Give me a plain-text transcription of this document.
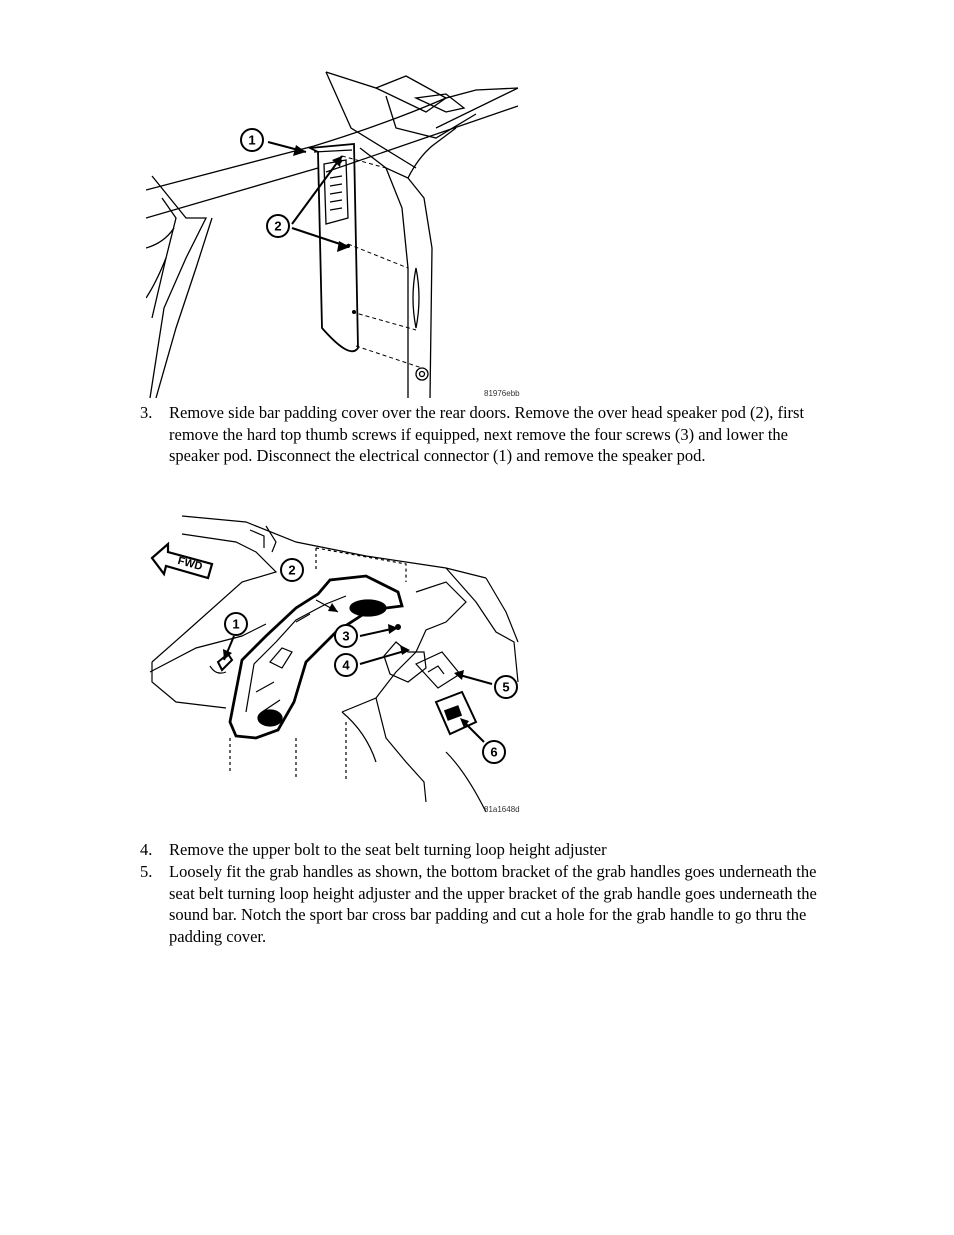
1
2
81976ebb
3. Remove side bar padding cover over the rear doors. Remove the over head speaker pod (2), first remove the hard top thumb screws if equipped, next remove the four screws (3) and lower the speaker pod. Disconnect the electrical connector (1) and remove the speaker pod.
FWD
1
2
3
4
5
6
81a1648d
4. Remove the upper bolt to the seat belt turning loop height adjuster
5. Loosely fit the grab handles as shown, the bottom bracket of the grab handles goes underneath the seat belt turning loop height adjuster and the upper bracket of the grab handle goes underneath the sound bar. Notch the sport bar cross bar padding and cut a hole for the grab handle to go thru the padding cover.
